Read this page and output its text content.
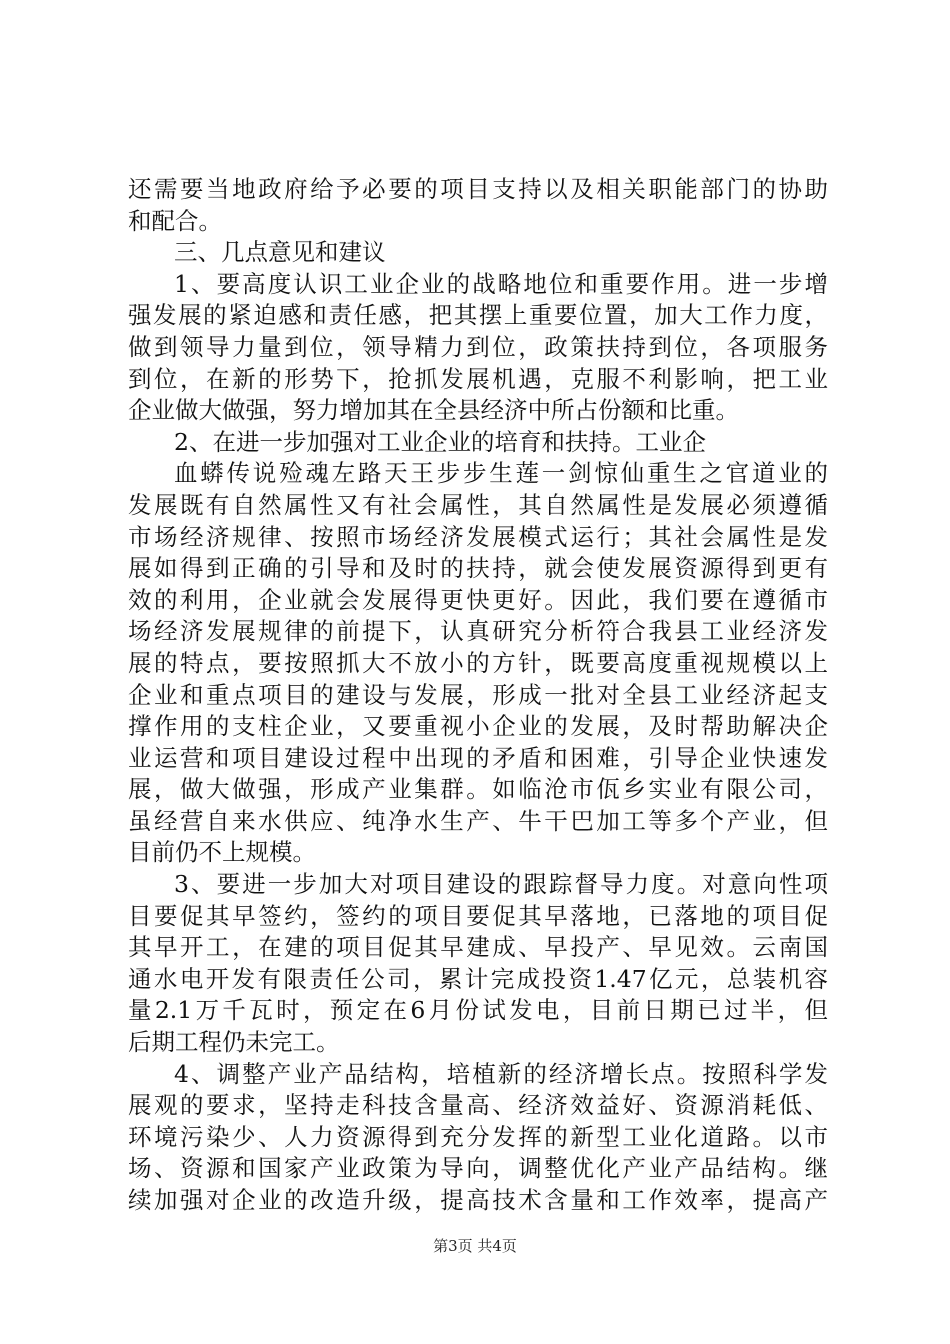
还需要当地政府给予必要的项目支持以及相关职能部门的协助
和配合。
三、几点意见和建议
1、要高度认识工业企业的战略地位和重要作用。进一步增
强发展的紧迫感和责任感，把其摆上重要位置，加大工作力度，
做到领导力量到位，领导精力到位，政策扶持到位，各项服务
到位，在新的形势下，抢抓发展机遇，克服不利影响，把工业
企业做大做强，努力增加其在全县经济中所占份额和比重。
2、在进一步加强对工业企业的培育和扶持。工业企
血蟒传说殓魂左路天王步步生莲一剑惊仙重生之官道业的
发展既有自然属性又有社会属性，其自然属性是发展必须遵循
市场经济规律、按照市场经济发展模式运行；其社会属性是发
展如得到正确的引导和及时的扶持，就会使发展资源得到更有
效的利用，企业就会发展得更快更好。因此，我们要在遵循市
场经济发展规律的前提下，认真研究分析符合我县工业经济发
展的特点，要按照抓大不放小的方针，既要高度重视规模以上
企业和重点项目的建设与发展，形成一批对全县工业经济起支
撑作用的支柱企业，又要重视小企业的发展，及时帮助解决企
业运营和项目建设过程中出现的矛盾和困难，引导企业快速发
展，做大做强，形成产业集群。如临沧市佤乡实业有限公司，
虽经营自来水供应、纯净水生产、牛干巴加工等多个产业，但
目前仍不上规模。
3、要进一步加大对项目建设的跟踪督导力度。对意向性项
目要促其早签约，签约的项目要促其早落地，已落地的项目促
其早开工，在建的项目促其早建成、早投产、早见效。云南国
通水电开发有限责任公司，累计完成投资1.47亿元，总装机容
量2.1万千瓦时，预定在6月份试发电，目前日期已过半，但
后期工程仍未完工。
4、调整产业产品结构，培植新的经济增长点。按照科学发
展观的要求，坚持走科技含量高、经济效益好、资源消耗低、
环境污染少、人力资源得到充分发挥的新型工业化道路。以市
场、资源和国家产业政策为导向，调整优化产业产品结构。继
续加强对企业的改造升级，提高技术含量和工作效率，提高产
第3页 共4页
